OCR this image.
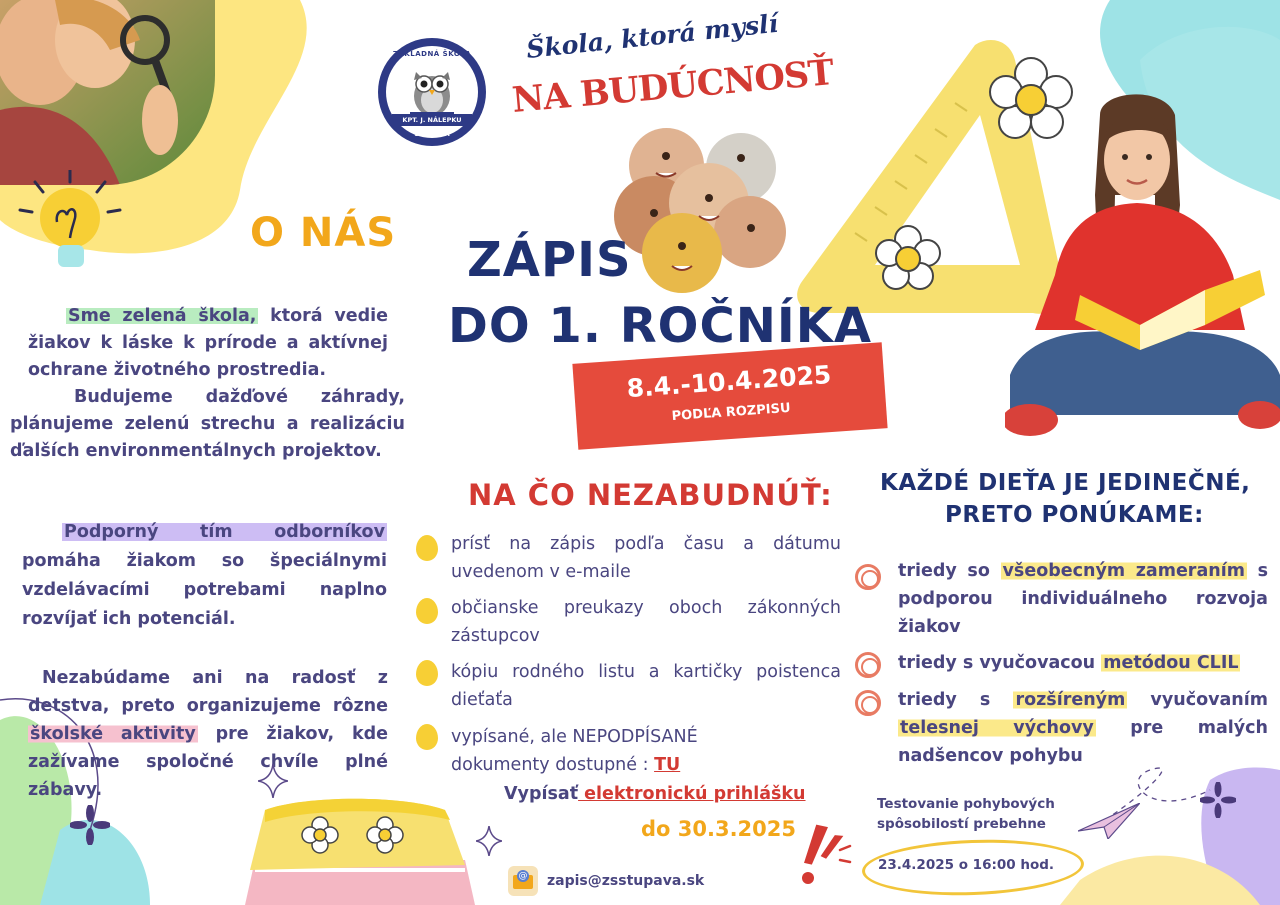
ZÁKLADNÁ ŠKOLA
KPT. J. NÁLEPKU
STUPAVA
Škola, ktorá myslí
NA BUDÚCNOSŤ
ZÁPIS
DO 1. ROČNÍKA
8.4.-10.4.2025
PODĽA ROZPISU
O NÁS
Sme zelená škola, ktorá vedie žiakov k láske k prírode a aktívnej ochrane životného prostredia.
Budujeme dažďové záhrady, plánujeme zelenú strechu a realizáciu ďalších environmentálnych projektov.
Podporný tím odborníkov pomáha žiakom so špeciálnymi vzdelávacími potrebami naplno rozvíjať ich potenciál.
Nezabúdame ani na radosť z detstva, preto organizujeme rôzne školské aktivity pre žiakov, kde zažívame spoločné chvíle plné zábavy.
NA ČO NEZABUDNÚŤ:
prísť na zápis podľa času a dátumu uvedenom v e-maile
občianske preukazy oboch zákonných zástupcov
kópiu rodného listu a kartičky poistenca dieťaťa
vypísané, ale NEPODPÍSANÉ dokumenty dostupné : TU
Vypísať elektronickú prihlášku
do 30.3.2025
@ zapis@zsstupava.sk
KAŽDÉ DIEŤA JE JEDINEČNÉ,
PRETO PONÚKAME:
triedy so všeobecným zameraním s podporou individuálneho rozvoja žiakov
triedy s vyučovacou metódou CLIL
triedy s rozšíreným vyučovaním telesnej výchovy pre malých nadšencov pohybu
Testovanie pohybových
spôsobilostí prebehne
23.4.2025 o 16:00 hod.
